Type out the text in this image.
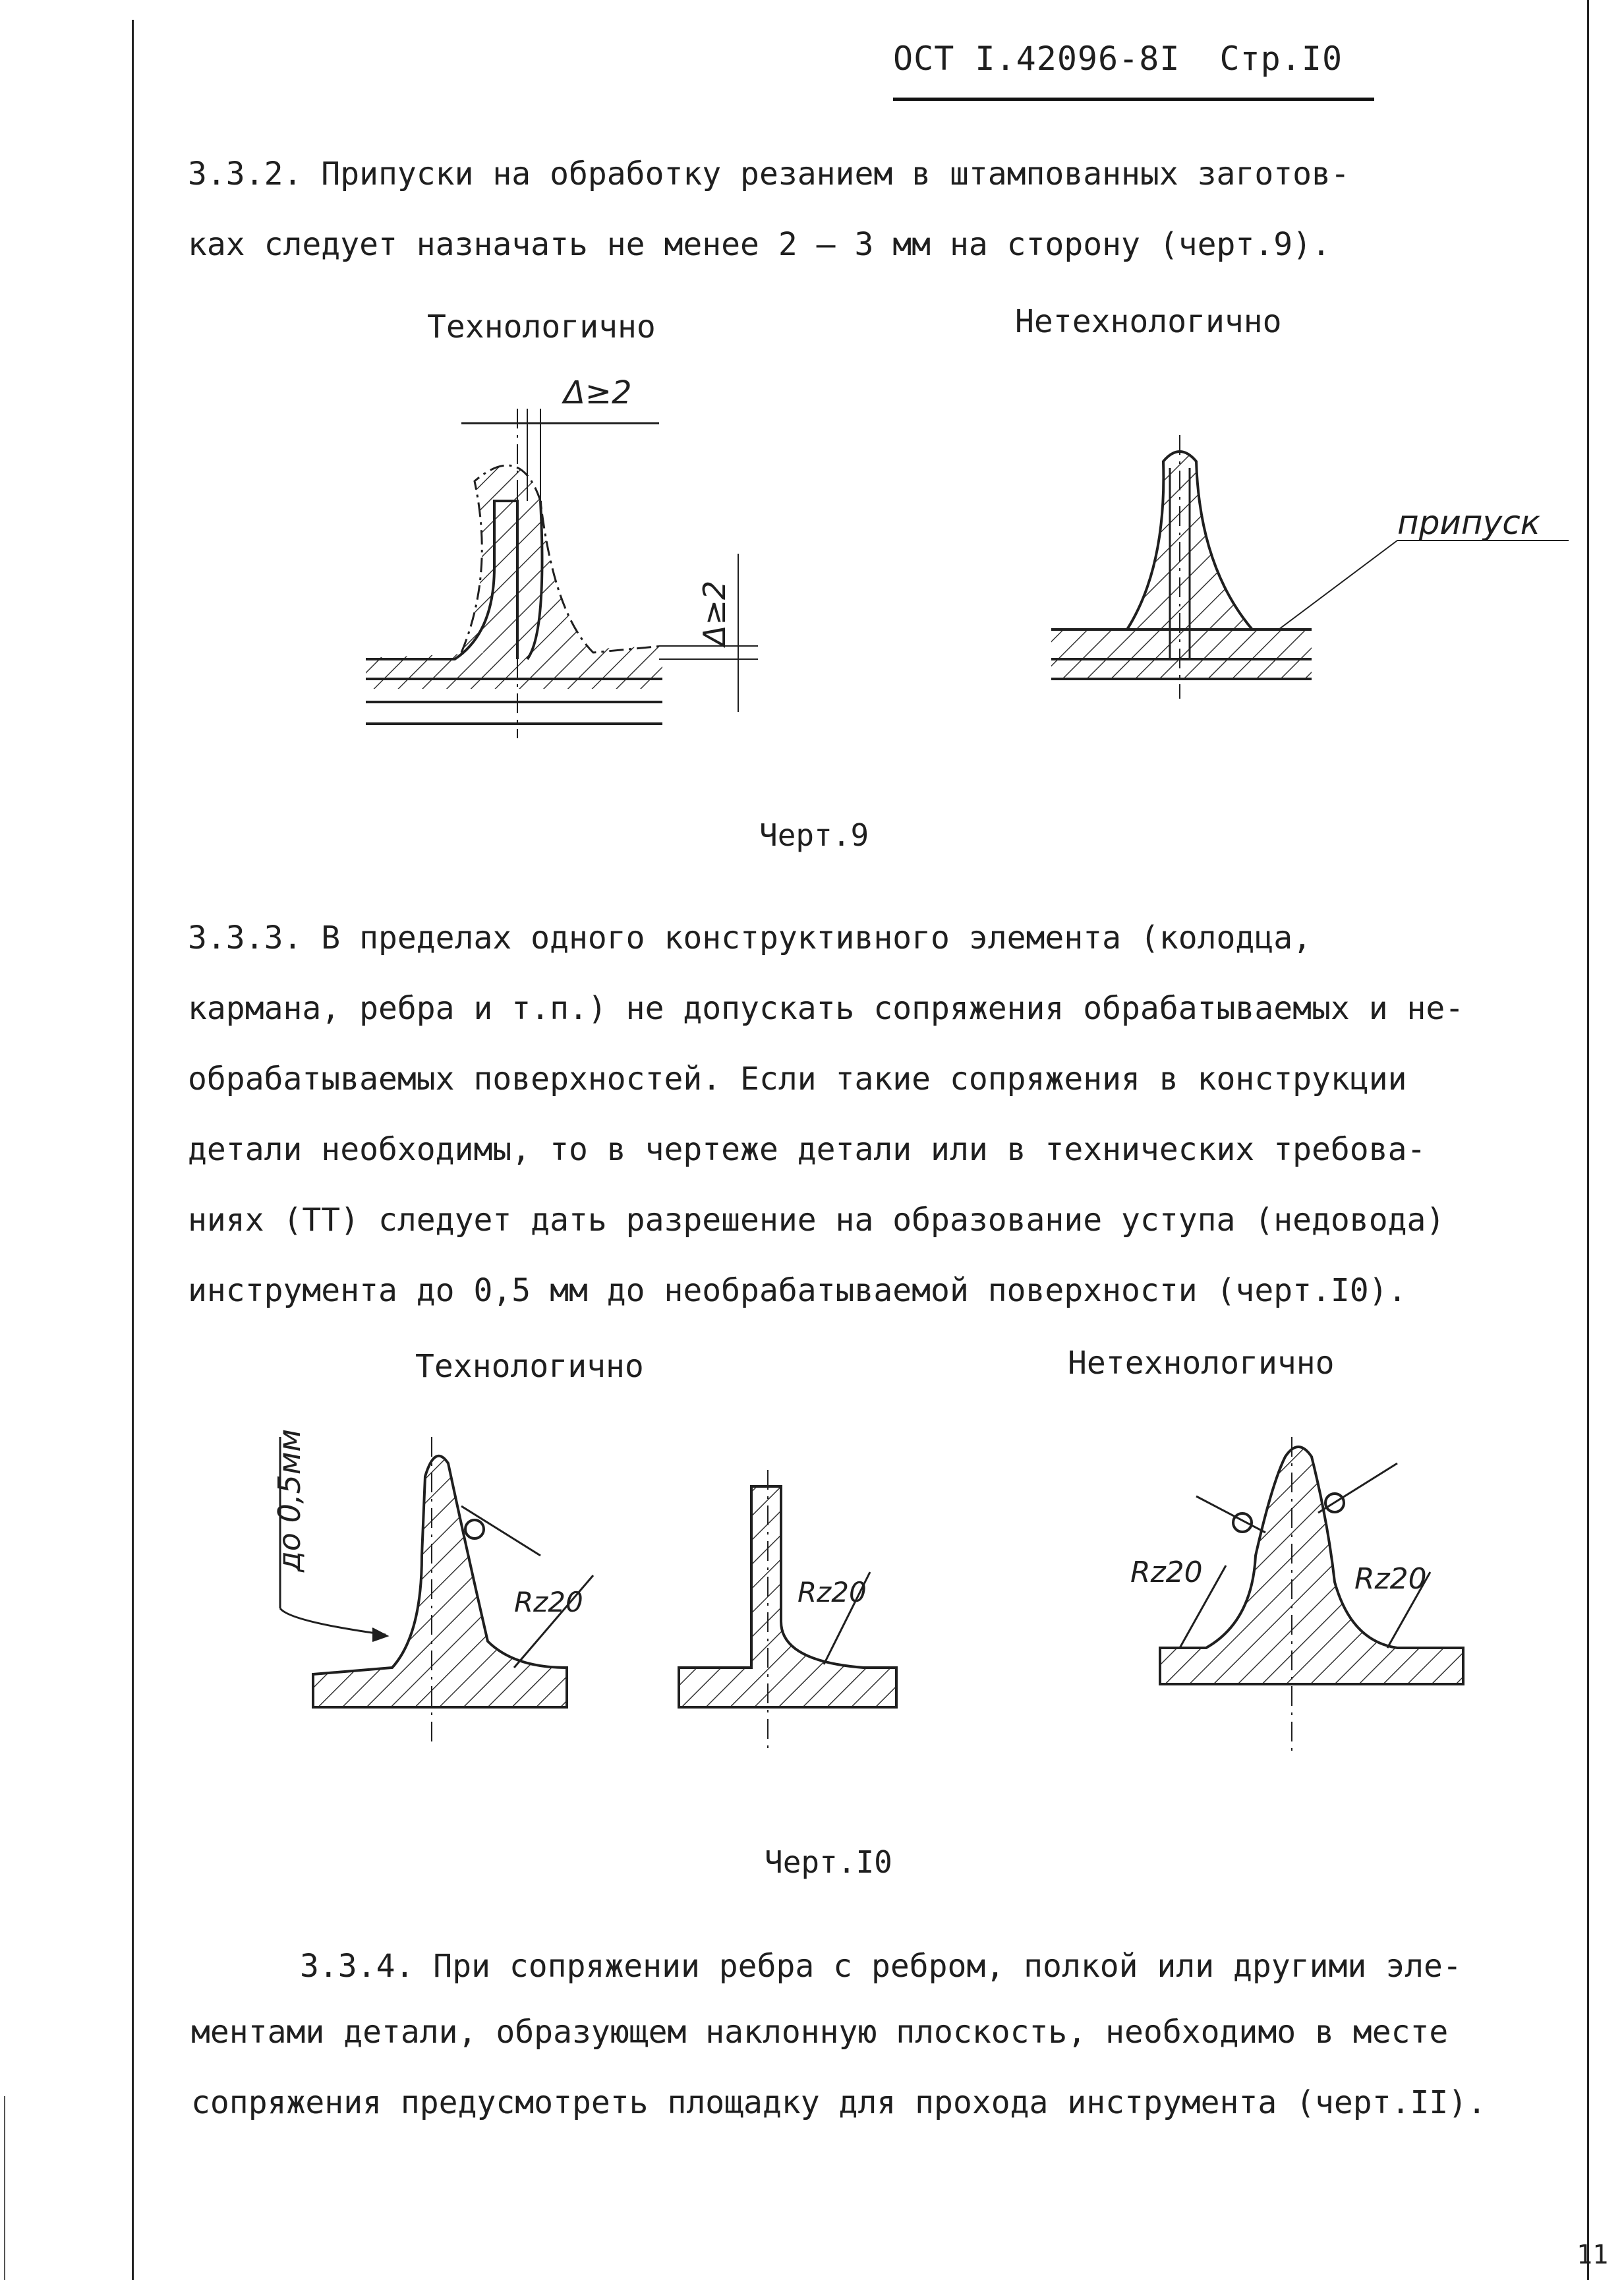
ОСТ I.42096-8I Стр.I0
3.3.2. Припуски на обработку резанием в штампованных заготов-
ках следует назначать не менее 2 – 3 мм на сторону (черт.9).
Технологично	Нетехнологично
Δ≥2
Δ≥2
припуск
Черт.9
3.3.3. В пределах одного конструктивного элемента (колодца,
кармана, ребра и т.п.) не допускать сопряжения обрабатываемых и не-
обрабатываемых поверхностей. Если такие сопряжения в конструкции
детали необходимы, то в чертеже детали или в технических требова-
ниях (ТТ) следует дать разрешение на образование уступа (недовода)
инструмента до 0,5 мм до необрабатываемой поверхности (черт.I0).
Технологично	Нетехнологично
до 0,5мм
Rz20	Rz20
Rz20	Rz20
Черт.I0
3.3.4. При сопряжении ребра с ребром, полкой или другими эле-
ментами детали, образующем наклонную плоскость, необходимо в месте
сопряжения предусмотреть площадку для прохода инструмента (черт.II).
11
